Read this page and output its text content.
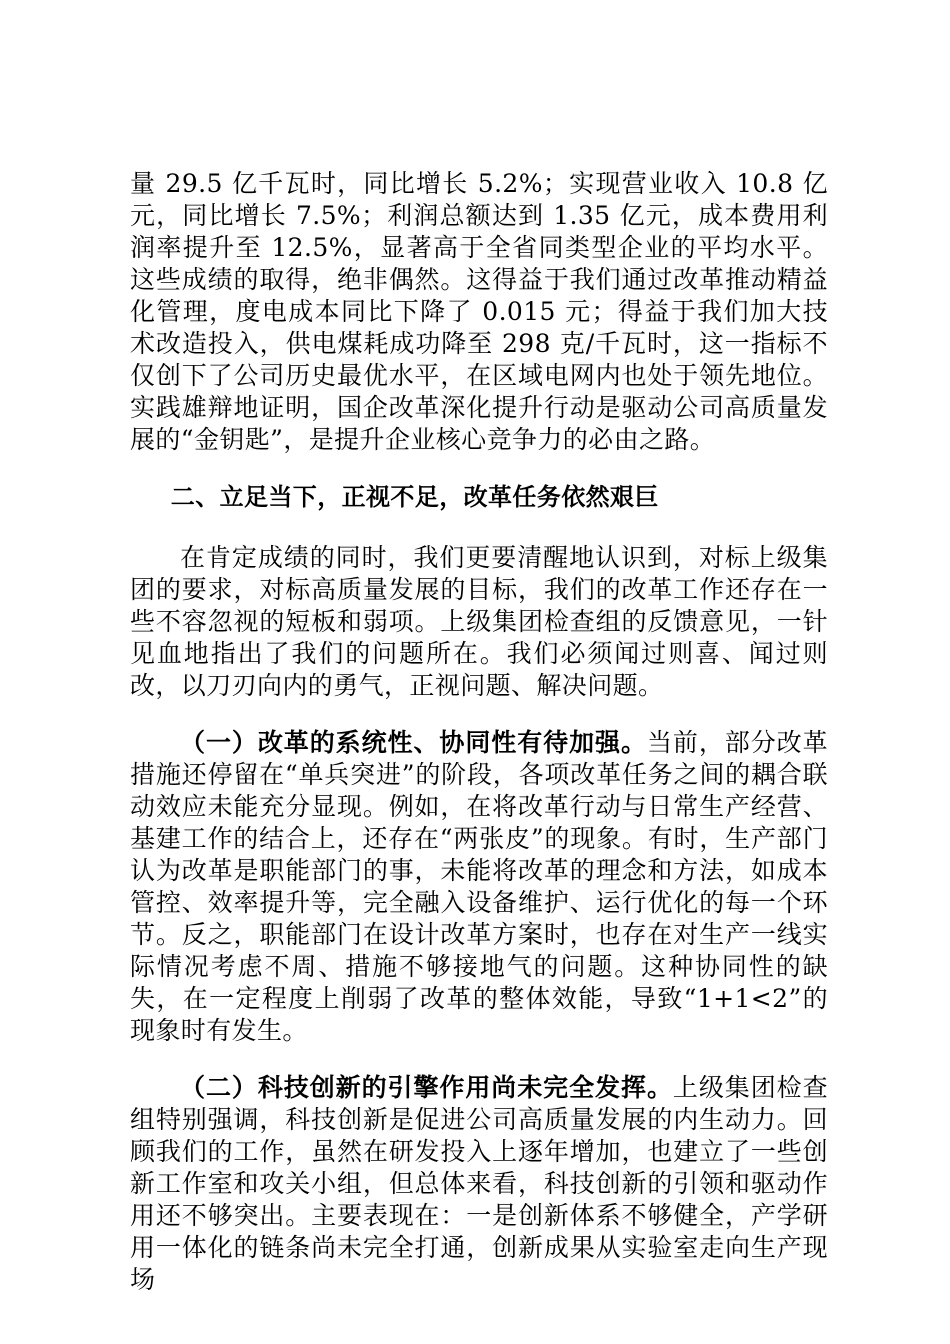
量 29.5 亿千瓦时，同比增长 5.2%；实现营业收入 10.8 亿元，同比增长 7.5%；利润总额达到 1.35 亿元，成本费用利润率提升至 12.5%，显著高于全省同类型企业的平均水平。这些成绩的取得，绝非偶然。这得益于我们通过改革推动精益化管理，度电成本同比下降了 0.015 元；得益于我们加大技术改造投入，供电煤耗成功降至 298 克/千瓦时，这一指标不仅创下了公司历史最优水平，在区域电网内也处于领先地位。实践雄辩地证明，国企改革深化提升行动是驱动公司高质量发展的“金钥匙”，是提升企业核心竞争力的必由之路。

二、立足当下，正视不足，改革任务依然艰巨

在肯定成绩的同时，我们更要清醒地认识到，对标上级集团的要求，对标高质量发展的目标，我们的改革工作还存在一些不容忽视的短板和弱项。上级集团检查组的反馈意见，一针见血地指出了我们的问题所在。我们必须闻过则喜、闻过则改，以刀刃向内的勇气，正视问题、解决问题。

（一）改革的系统性、协同性有待加强。当前，部分改革措施还停留在“单兵突进”的阶段，各项改革任务之间的耦合联动效应未能充分显现。例如，在将改革行动与日常生产经营、基建工作的结合上，还存在“两张皮”的现象。有时，生产部门认为改革是职能部门的事，未能将改革的理念和方法，如成本管控、效率提升等，完全融入设备维护、运行优化的每一个环节。反之，职能部门在设计改革方案时，也存在对生产一线实际情况考虑不周、措施不够接地气的问题。这种协同性的缺失，在一定程度上削弱了改革的整体效能，导致“1+1<2”的现象时有发生。

（二）科技创新的引擎作用尚未完全发挥。上级集团检查组特别强调，科技创新是促进公司高质量发展的内生动力。回顾我们的工作，虽然在研发投入上逐年增加，也建立了一些创新工作室和攻关小组，但总体来看，科技创新的引领和驱动作用还不够突出。主要表现在：一是创新体系不够健全，产学研用一体化的链条尚未完全打通，创新成果从实验室走向生产现场
